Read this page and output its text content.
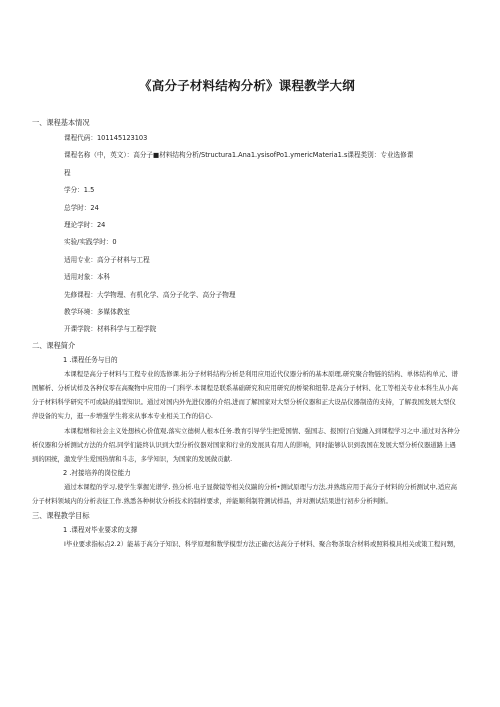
《高分子材料结构分析》课程教学大纲
一、课程基本情况
课程代码：101145123103
课程名称（中，英文）：高分子■材料结构分析/Structura1.Ana1.ysisofPo1.ymericMateria1.s课程类别：专业选修课
程
学分：1.5
总学时：24
理论学时：24
实验/实践学时：0
适用专业：高分子材料与工程
适用对象：本科
先修课程：大学物理、有机化学、高分子化学、高分子物理
教学环境：多媒体教室
开课学院：材料科学与工程学院
二、课程简介
1 .课程任务与目的

本课程是高分子材料与工程专业的选修课.拓分子材料结构分析是利用应用近代仪器分析的基本原理,研究聚合物链的结构、单体结构单元、谱图解析、分析试样及各种仪零在高聚物中应用的一门科学.本课程是联系基础研究和应用研究的桥梁和纽带,是高分子材料、化工等相关专业本科生从小高分子材料科学研究不可或缺的捕型知识。通过对国内外先进仪器的介绍,进而了解国家对大型分析仪器和正大设品仪器制造的支持，了解我国发展大型仪萍设备的实力，逛一步增强学生将来从事本专业相关工作的信心.

本课程增和社会主义处想核心价值观,落实立德树人根本任务.教育引导学生把爱国情、强国志、报国行自觉融入到课程学习之中.通过对各种分析仪器和分析测试方法的介绍,同学们能终认识到大型分析仪器对国家和行业的发展具有用人的影响，同时能够认识到我国在发展大型分析仪器道路上遇到的困统，激发学生爱国热情和斗志，多学知识，为国家的发展做贡献.

2 .衬接培养的岗位能力

通过本课程的学习,使学生掌握光谱学, 热分析.电子显微镜等相关仪踹的分析•测试原理与方法,并熟练应用于高分子材料的分析测试中,适应高分子材料领域内的分析表征工作.熟悉各种树状分析技术的制样要求，并能顺利制符测试样品，并对测试结果进行初步分析判断。

三、课程教学目标
1 .课程对毕业要求的支撑

I毕业要求指标点2.2）能基于高分子知识、科学原理和数学模型方法正确衣达高分子材料、聚合物茶取合材料或照料模具相关或策工程问甥，
